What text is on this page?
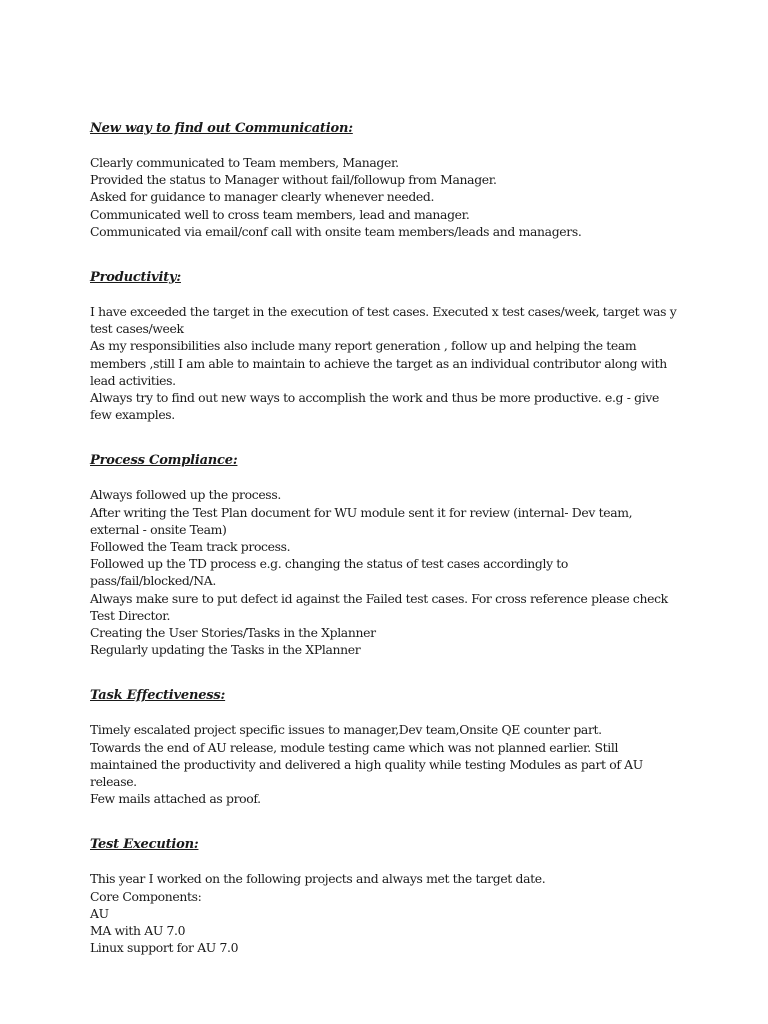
New way to find out Communication:

Clearly communicated to Team members, Manager.

Provided the status to Manager without fail/followup from Manager.

Asked for guidance to manager clearly whenever needed.

Communicated well to cross team members, lead and manager.

Communicated via email/conf call with onsite team members/leads and managers.

Productivity:

I have exceeded the target in the execution of test cases. Executed x test cases/week, target was y test cases/week

As my responsibilities also include many report generation , follow up and helping the team members ,still I am able to maintain to achieve the target as an individual contributor along with lead activities.

Always try to find out new ways to accomplish the work and thus be more productive. e.g - give few examples.

Process Compliance:

Always followed up the process.

After writing the Test Plan document for WU module sent it for review (internal- Dev team, external - onsite Team)

Followed the Team track process.

Followed up the TD process e.g. changing the status of test cases accordingly to pass/fail/blocked/NA.

Always make sure to put defect id against the Failed test cases. For cross reference please check Test Director.

Creating the User Stories/Tasks in the Xplanner

Regularly updating the Tasks in the XPlanner

Task Effectiveness:

Timely escalated project specific issues to manager,Dev team,Onsite QE counter part.

Towards the end of AU release, module testing came which was not planned earlier. Still maintained the productivity and delivered a high quality while testing Modules as part of AU release.

Few mails attached as proof.

Test Execution:

This year I worked on the following projects and always met the target date.

Core Components:

AU

MA with AU 7.0

Linux support for AU 7.0
